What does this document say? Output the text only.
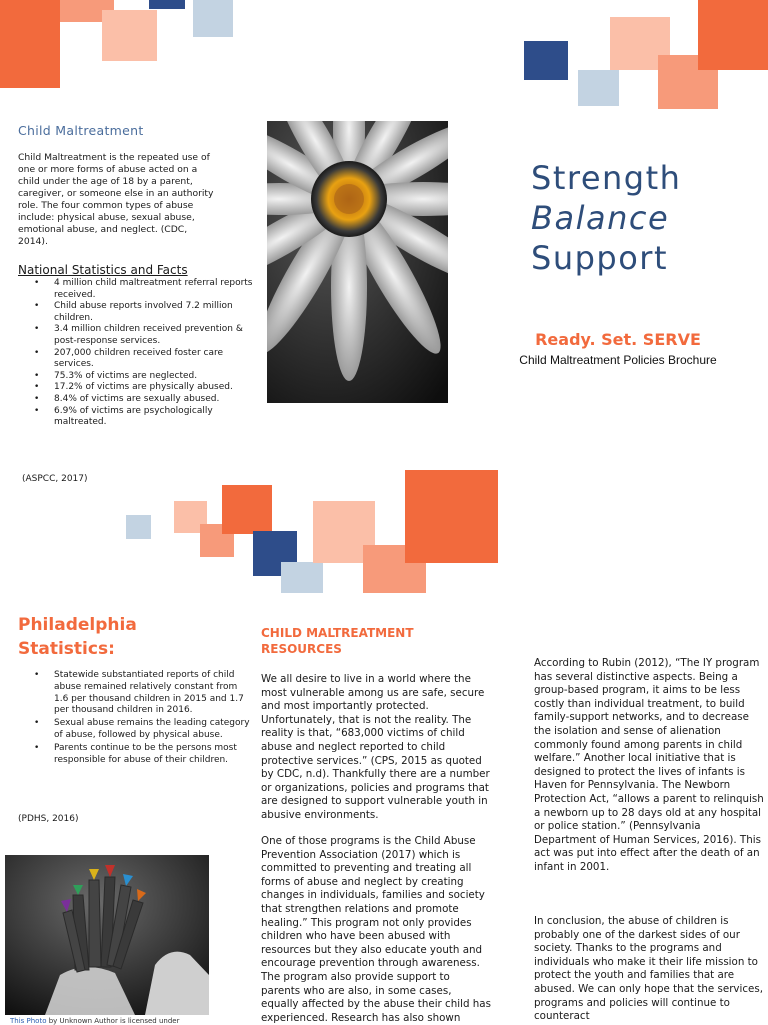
Child Maltreatment

Child Maltreatment is the repeated use of one or more forms of abuse acted on a child under the age of 18 by a parent, caregiver, or someone else in an authority role. The four common types of abuse include: physical abuse, sexual abuse, emotional abuse, and neglect. (CDC, 2014).

National Statistics and Facts
• 4 million child maltreatment referral reports received.
• Child abuse reports involved 7.2 million children.
• 3.4 million children received prevention & post-response services.
• 207,000 children received foster care services.
• 75.3% of victims are neglected.
• 17.2% of victims are physically abused.
• 8.4% of victims are sexually abused.
• 6.9% of victims are psychologically maltreated.
(ASPCC, 2017)
Strength
Balance
Support
Ready. Set. SERVE
Child Maltreatment Policies Brochure
Philadelphia Statistics:
• Statewide substantiated reports of child abuse remained relatively constant from 1.6 per thousand children in 2015 and 1.7 per thousand children in 2016.
• Sexual abuse remains the leading category of abuse, followed by physical abuse.
• Parents continue to be the persons most responsible for abuse of their children.
(PDHS, 2016)
This Photo by Unknown Author is licensed under
CHILD MALTREATMENT RESOURCES

We all desire to live in a world where the most vulnerable among us are safe, secure and most importantly protected. Unfortunately, that is not the reality. The reality is that, “683,000 victims of child abuse and neglect reported to child protective services.” (CPS, 2015 as quoted by CDC, n.d). Thankfully there are a number or organizations, policies and programs that are designed to support vulnerable youth in abusive environments.

One of those programs is the Child Abuse Prevention Association (2017) which is committed to preventing and treating all forms of abuse and neglect by creating changes in individuals, families and society that strengthen relations and promote healing.” This program not only provides children who have been abused with resources but they also educate youth and encourage prevention through awareness. The program also provide support to parents who are also, in some cases, equally affected by the abuse their child has experienced. Research has also shown

According to Rubin (2012), “The IY program has several distinctive aspects. Being a group-based program, it aims to be less costly than individual treatment, to build family-support networks, and to decrease the isolation and sense of alienation commonly found among parents in child welfare.” Another local initiative that is designed to protect the lives of infants is Haven for Pennsylvania. The Newborn Protection Act, “allows a parent to relinquish a newborn up to 28 days old at any hospital or police station.” (Pennsylvania Department of Human Services, 2016). This act was put into effect after the death of an infant in 2001.

In conclusion, the abuse of children is probably one of the darkest sides of our society. Thanks to the programs and individuals who make it their life mission to protect the youth and families that are abused. We can only hope that the services, programs and policies will continue to counteract
